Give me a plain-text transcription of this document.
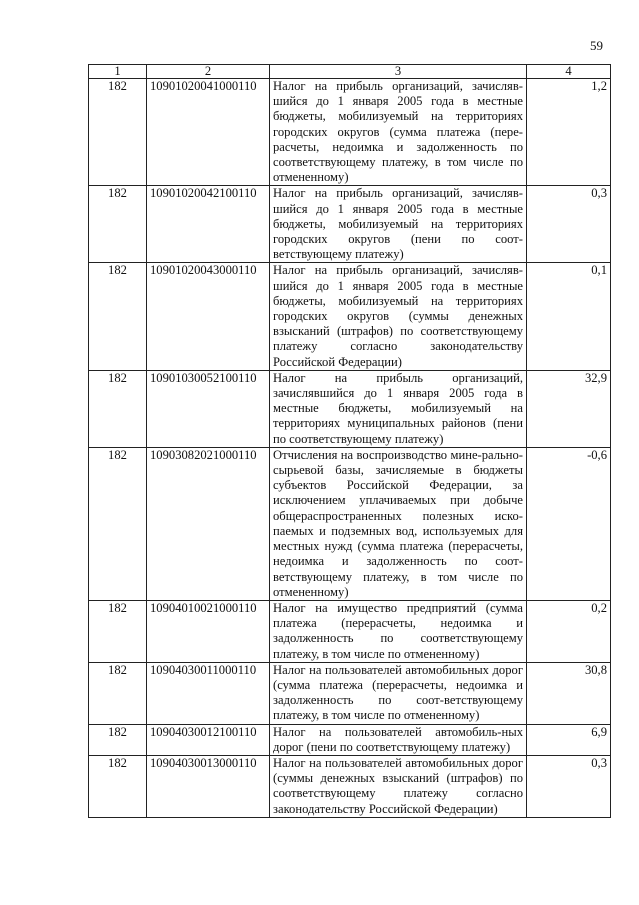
59
1	2	3	4
182	10901020041000110	Налог на прибыль организаций, зачисляв-шийся до 1 января 2005 года в местные бюджеты, мобилизуемый на территориях городских округов (сумма платежа (пере-расчеты, недоимка и задолженность по соответствующему платежу, в том числе по отмененному)	1,2
182	10901020042100110	Налог на прибыль организаций, зачисляв-шийся до 1 января 2005 года в местные бюджеты, мобилизуемый на территориях городских округов (пени по соот-ветствующему платежу)	0,3
182	10901020043000110	Налог на прибыль организаций, зачисляв-шийся до 1 января 2005 года в местные бюджеты, мобилизуемый на территориях городских округов (суммы денежных взысканий (штрафов) по соответствующему платежу согласно законодательству Российской Федерации)	0,1
182	10901030052100110	Налог на прибыль организаций, зачислявшийся до 1 января 2005 года в местные бюджеты, мобилизуемый на территориях муниципальных районов (пени по соответствующему платежу)	32,9
182	10903082021000110	Отчисления на воспроизводство мине-рально-сырьевой базы, зачисляемые в бюджеты субъектов Российской Федерации, за исключением уплачиваемых при добыче общераспространенных полезных иско-паемых и подземных вод, используемых для местных нужд (сумма платежа (перерасчеты, недоимка и задолженность по соот-ветствующему платежу, в том числе по отмененному)	-0,6
182	10904010021000110	Налог на имущество предприятий (сумма платежа (перерасчеты, недоимка и задолженность по соответствующему платежу, в том числе по отмененному)	0,2
182	10904030011000110	Налог на пользователей автомобильных дорог (сумма платежа (перерасчеты, недоимка и задолженность по соот-ветствующему платежу, в том числе по отмененному)	30,8
182	10904030012100110	Налог на пользователей автомобиль-ных дорог (пени по соответствующему платежу)	6,9
182	10904030013000110	Налог на пользователей автомобильных дорог (суммы денежных взысканий (штрафов) по соответствующему платежу согласно законодательству Российской Федерации)	0,3
